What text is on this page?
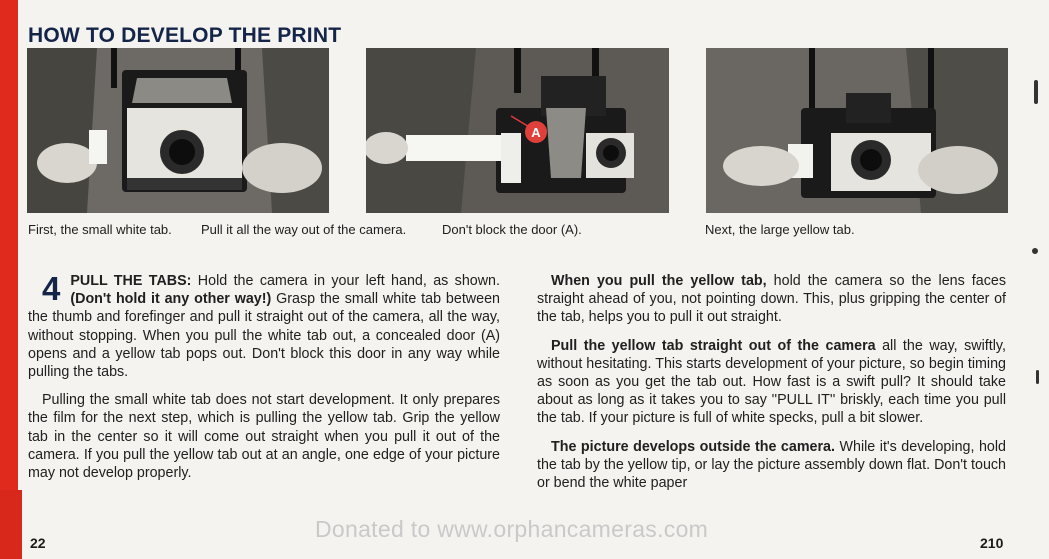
HOW TO DEVELOP THE PRINT
A
First, the small white tab. Pull it all the way out of the camera.	Don't block the door (A).	Next, the large yellow tab.

4 PULL THE TABS: Hold the camera in your left hand, as shown. (Don't hold it any other way!) Grasp the small white tab between the thumb and forefinger and pull it straight out of the camera, all the way, without stopping. When you pull the white tab out, a concealed door (A) opens and a yellow tab pops out. Don't block this door in any way while pulling the tabs.

Pulling the small white tab does not start development. It only prepares the film for the next step, which is pulling the yellow tab. Grip the yellow tab in the center so it will come out straight when you pull it out of the camera. If you pull the yellow tab out at an angle, one edge of your picture may not develop properly.

When you pull the yellow tab, hold the camera so the lens faces straight ahead of you, not pointing down. This, plus gripping the center of the tab, helps you to pull it out straight.

Pull the yellow tab straight out of the camera all the way, swiftly, without hesitating. This starts development of your picture, so begin timing as soon as you get the tab out. How fast is a swift pull? It should take about as long as it takes you to say ''PULL IT'' briskly, each time you pull the tab. If your picture is full of white specks, pull a bit slower.

The picture develops outside the camera. While it's developing, hold the tab by the yellow tip, or lay the picture assembly down flat. Don't touch or bend the white paper

22	210
Donated to www.orphancameras.com
